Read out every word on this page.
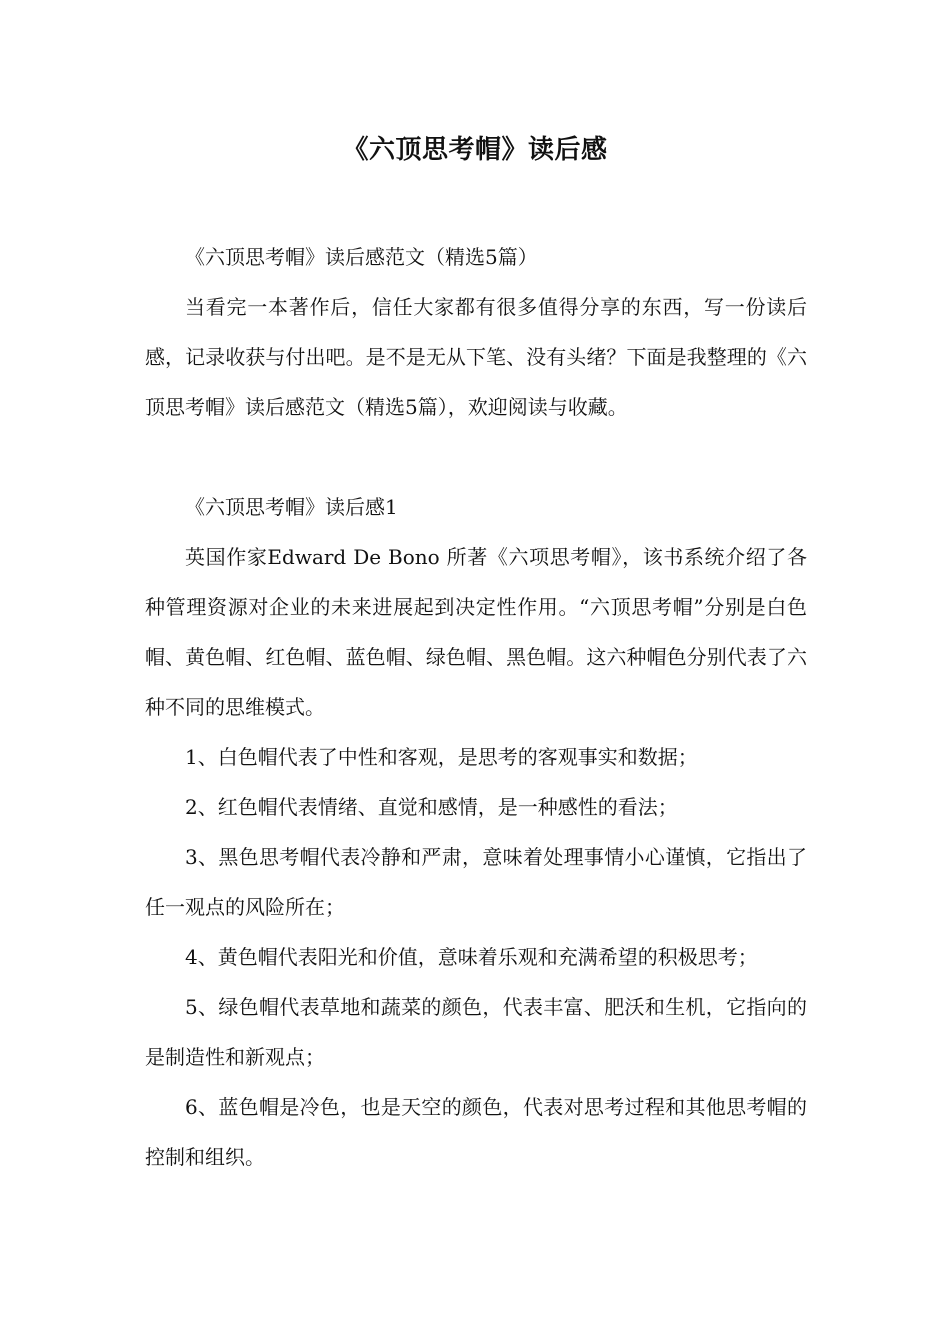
《六顶思考帽》读后感

《六顶思考帽》读后感范文（精选5篇）

当看完一本著作后，信任大家都有很多值得分享的东西，写一份读后感，记录收获与付出吧。是不是无从下笔、没有头绪？下面是我整理的《六顶思考帽》读后感范文（精选5篇），欢迎阅读与收藏。

《六顶思考帽》读后感1

英国作家Edward De Bono 所著《六项思考帽》，该书系统介绍了各种管理资源对企业的未来进展起到决定性作用。“六顶思考帽”分别是白色帽、黄色帽、红色帽、蓝色帽、绿色帽、黑色帽。这六种帽色分别代表了六种不同的思维模式。

1、白色帽代表了中性和客观，是思考的客观事实和数据；

2、红色帽代表情绪、直觉和感情，是一种感性的看法；

3、黑色思考帽代表冷静和严肃，意味着处理事情小心谨慎，它指出了任一观点的风险所在；

4、黄色帽代表阳光和价值，意味着乐观和充满希望的积极思考；

5、绿色帽代表草地和蔬菜的颜色，代表丰富、肥沃和生机，它指向的是制造性和新观点；

6、蓝色帽是冷色，也是天空的颜色，代表对思考过程和其他思考帽的控制和组织。
